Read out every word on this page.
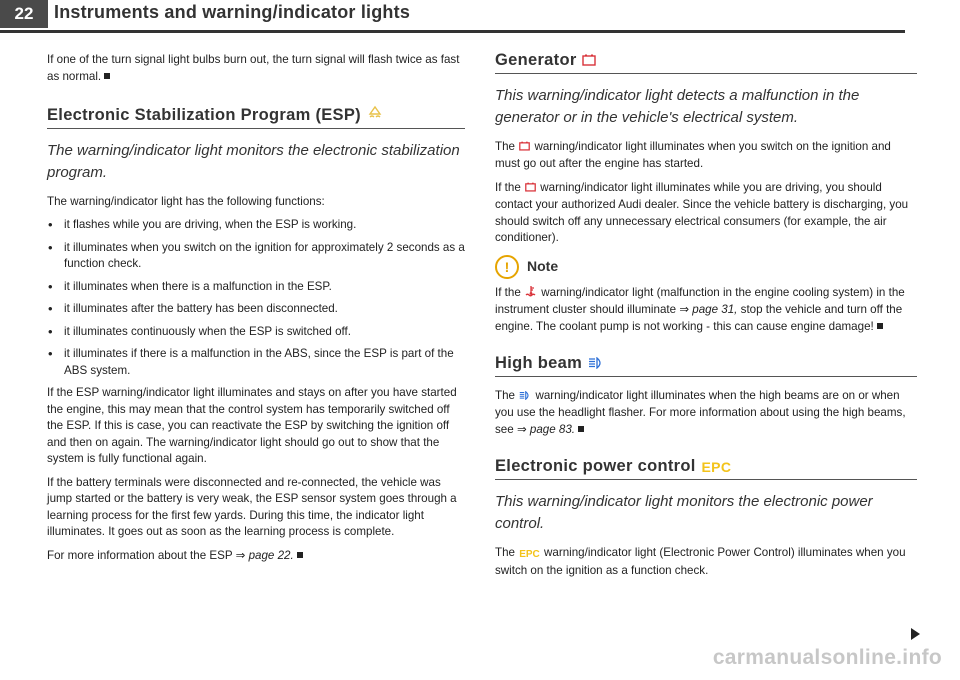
22	Instruments and warning/indicator lights

If one of the turn signal light bulbs burn out, the turn signal will flash twice as fast as normal.

Electronic Stabilization Program (ESP)

The warning/indicator light monitors the electronic stabilization program.

The warning/indicator light has the following functions:

• it flashes while you are driving, when the ESP is working.
• it illuminates when you switch on the ignition for approximately 2 seconds as a function check.
• it illuminates when there is a malfunction in the ESP.
• it illuminates after the battery has been disconnected.
• it illuminates continuously when the ESP is switched off.
• it illuminates if there is a malfunction in the ABS, since the ESP is part of the ABS system.

If the ESP warning/indicator light illuminates and stays on after you have started the engine, this may mean that the control system has temporarily switched off the ESP. If this is case, you can reactivate the ESP by switching the ignition off and then on again. The warning/indicator light should go out to show that the system is fully functional again.

If the battery terminals were disconnected and re-connected, the vehicle was jump started or the battery is very weak, the ESP sensor system goes through a learning process for the first few yards. During this time, the indicator light illuminates. It goes out as soon as the learning process is complete.

For more information about the ESP ⇒ page 22.

Generator

This warning/indicator light detects a malfunction in the generator or in the vehicle's electrical system.

The warning/indicator light illuminates when you switch on the ignition and must go out after the engine has started.

If the warning/indicator light illuminates while you are driving, you should contact your authorized Audi dealer. Since the vehicle battery is discharging, you should switch off any unnecessary electrical consumers (for example, the air conditioner).

!	Note

If the warning/indicator light (malfunction in the engine cooling system) in the instrument cluster should illuminate ⇒ page 31, stop the vehicle and turn off the engine. The coolant pump is not working - this can cause engine damage!

High beam

The warning/indicator light illuminates when the high beams are on or when you use the headlight flasher. For more information about using the high beams, see ⇒ page 83.

Electronic power control EPC

This warning/indicator light monitors the electronic power control.

The EPC warning/indicator light (Electronic Power Control) illuminates when you switch on the ignition as a function check.

carmanualsonline.info
